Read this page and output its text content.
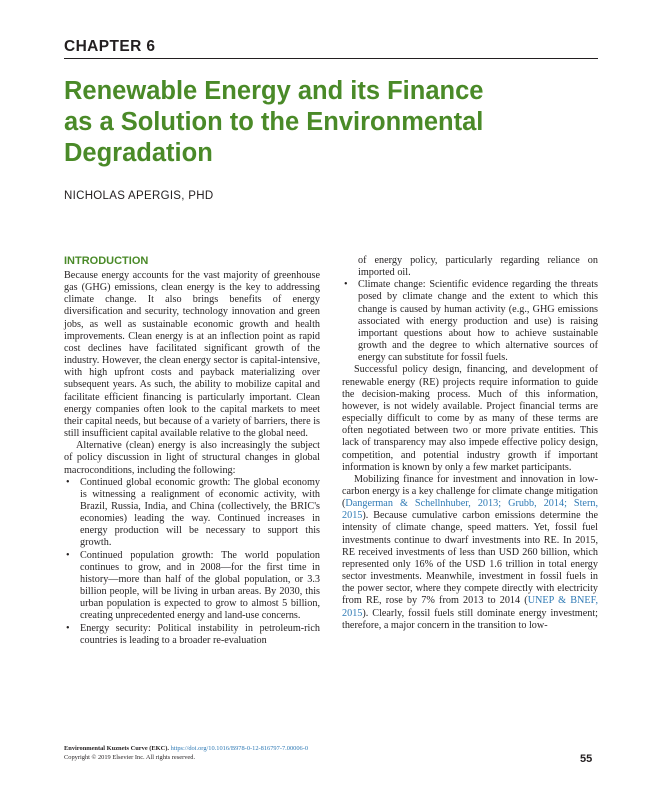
CHAPTER 6
Renewable Energy and its Finance
as a Solution to the Environmental
Degradation
NICHOLAS APERGIS, PHD
INTRODUCTION

Because energy accounts for the vast majority of greenhouse gas (GHG) emissions, clean energy is the key to addressing climate change. It also brings benefits of energy diversification and security, technology innovation and green jobs, as well as sustainable economic growth and health improvements. Clean energy is at an inflection point as rapid cost declines have facilitated significant growth of the industry. However, the clean energy sector is capital-intensive, with high upfront costs and payback materializing over subsequent years. As such, the ability to mobilize capital and facilitate efficient financing is particularly important. Clean energy companies often look to the capital markets to meet their capital needs, but because of a variety of barriers, there is still insufficient capital available relative to the global need.

Alternative (clean) energy is also increasingly the subject of policy discussion in light of structural changes in global macroconditions, including the following:

• Continued global economic growth: The global economy is witnessing a realignment of economic activity, with Brazil, Russia, India, and China (collectively, the BRIC's economies) leading the way. Continued increases in energy production will be necessary to support this growth.
• Continued population growth: The world population continues to grow, and in 2008—for the first time in history—more than half of the global population, or 3.3 billion people, will be living in urban areas. By 2030, this urban population is expected to grow to almost 5 billion, creating unprecedented energy and land-use concerns.
• Energy security: Political instability in petroleum-rich countries is leading to a broader re-evaluation
of energy policy, particularly regarding reliance on imported oil.
• Climate change: Scientific evidence regarding the threats posed by climate change and the extent to which this change is caused by human activity (e.g., GHG emissions associated with energy production and use) is raising important questions about how to achieve sustainable growth and the degree to which alternative sources of energy can substitute for fossil fuels.

Successful policy design, financing, and development of renewable energy (RE) projects require information to guide the decision-making process. Much of this information, however, is not widely available. Project financial terms are especially difficult to come by as many of these terms are often negotiated between two or more private entities. This lack of transparency may also impede effective policy design, competition, and potential industry growth if important information is known by only a few market participants.

Mobilizing finance for investment and innovation in low-carbon energy is a key challenge for climate change mitigation (Dangerman & Schellnhuber, 2013; Grubb, 2014; Stern, 2015). Because cumulative carbon emissions determine the intensity of climate change, speed matters. Yet, fossil fuel investments continue to dwarf investments into RE. In 2015, RE received investments of less than USD 260 billion, which represented only 16% of the USD 1.6 trillion in total energy sector investments. Meanwhile, investment in fossil fuels in the power sector, where they compete directly with electricity from RE, rose by 7% from 2013 to 2014 (UNEP & BNEF, 2015). Clearly, fossil fuels still dominate energy investment; therefore, a major concern in the transition to low-

Environmental Kuznets Curve (EKC). https://doi.org/10.1016/B978-0-12-816797-7.00006-0
Copyright © 2019 Elsevier Inc. All rights reserved.	55
